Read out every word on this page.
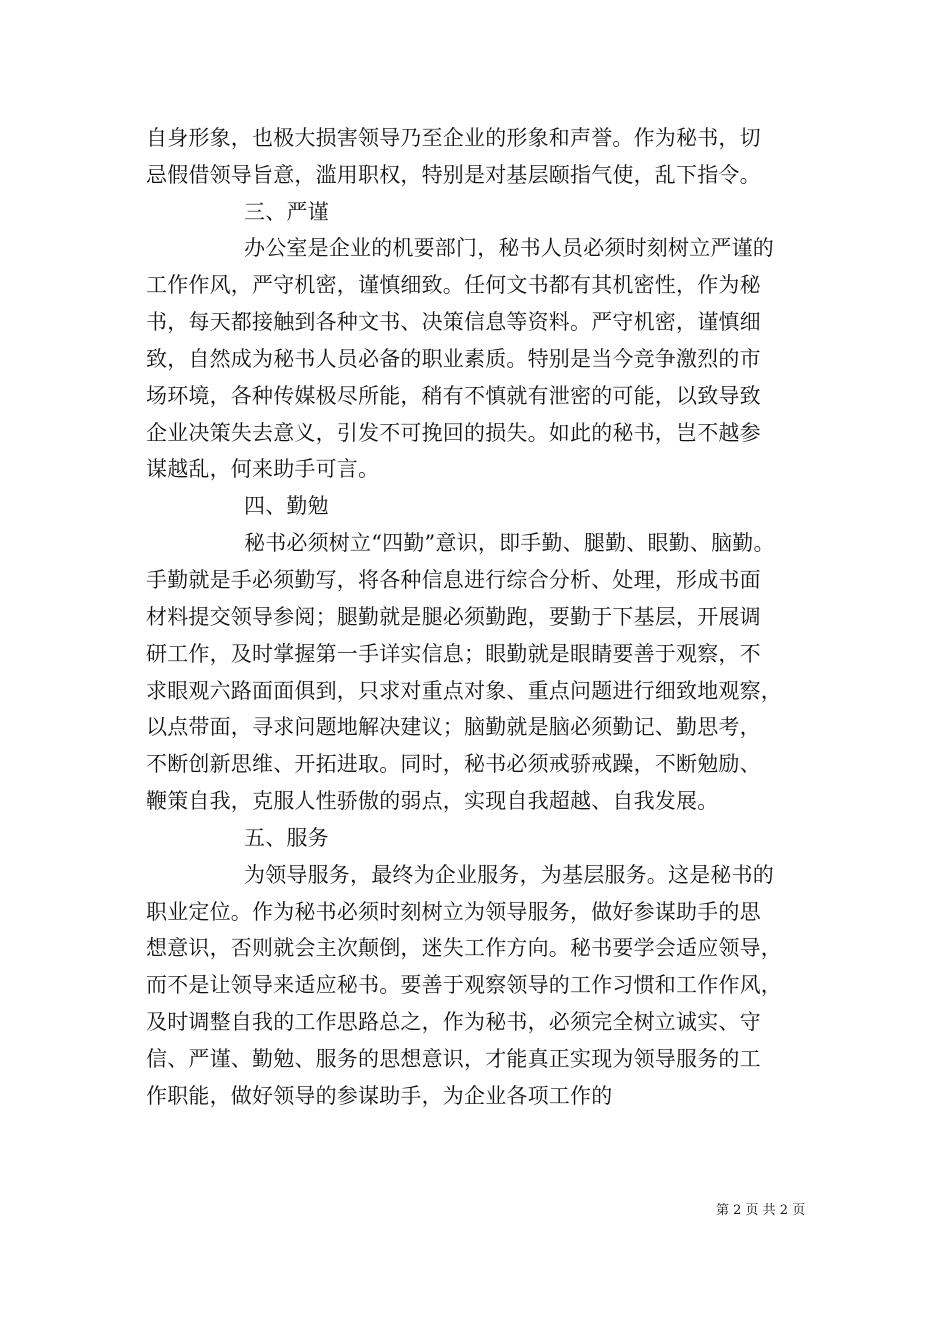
自身形象，也极大损害领导乃至企业的形象和声誉。作为秘书，切
忌假借领导旨意，滥用职权，特别是对基层颐指气使，乱下指令。
三、严谨
办公室是企业的机要部门，秘书人员必须时刻树立严谨的
工作作风，严守机密，谨慎细致。任何文书都有其机密性，作为秘
书，每天都接触到各种文书、决策信息等资料。严守机密，谨慎细
致，自然成为秘书人员必备的职业素质。特别是当今竞争激烈的市
场环境，各种传媒极尽所能，稍有不慎就有泄密的可能，以致导致
企业决策失去意义，引发不可挽回的损失。如此的秘书，岂不越参
谋越乱，何来助手可言。
四、勤勉
秘书必须树立“四勤”意识，即手勤、腿勤、眼勤、脑勤。
手勤就是手必须勤写，将各种信息进行综合分析、处理，形成书面
材料提交领导参阅；腿勤就是腿必须勤跑，要勤于下基层，开展调
研工作，及时掌握第一手详实信息；眼勤就是眼睛要善于观察，不
求眼观六路面面俱到，只求对重点对象、重点问题进行细致地观察，
以点带面，寻求问题地解决建议；脑勤就是脑必须勤记、勤思考，
不断创新思维、开拓进取。同时，秘书必须戒骄戒躁，不断勉励、
鞭策自我，克服人性骄傲的弱点，实现自我超越、自我发展。
五、服务
为领导服务，最终为企业服务，为基层服务。这是秘书的
职业定位。作为秘书必须时刻树立为领导服务，做好参谋助手的思
想意识，否则就会主次颠倒，迷失工作方向。秘书要学会适应领导，
而不是让领导来适应秘书。要善于观察领导的工作习惯和工作作风，
及时调整自我的工作思路总之，作为秘书，必须完全树立诚实、守
信、严谨、勤勉、服务的思想意识，才能真正实现为领导服务的工
作职能，做好领导的参谋助手，为企业各项工作的
第 2 页 共 2 页
